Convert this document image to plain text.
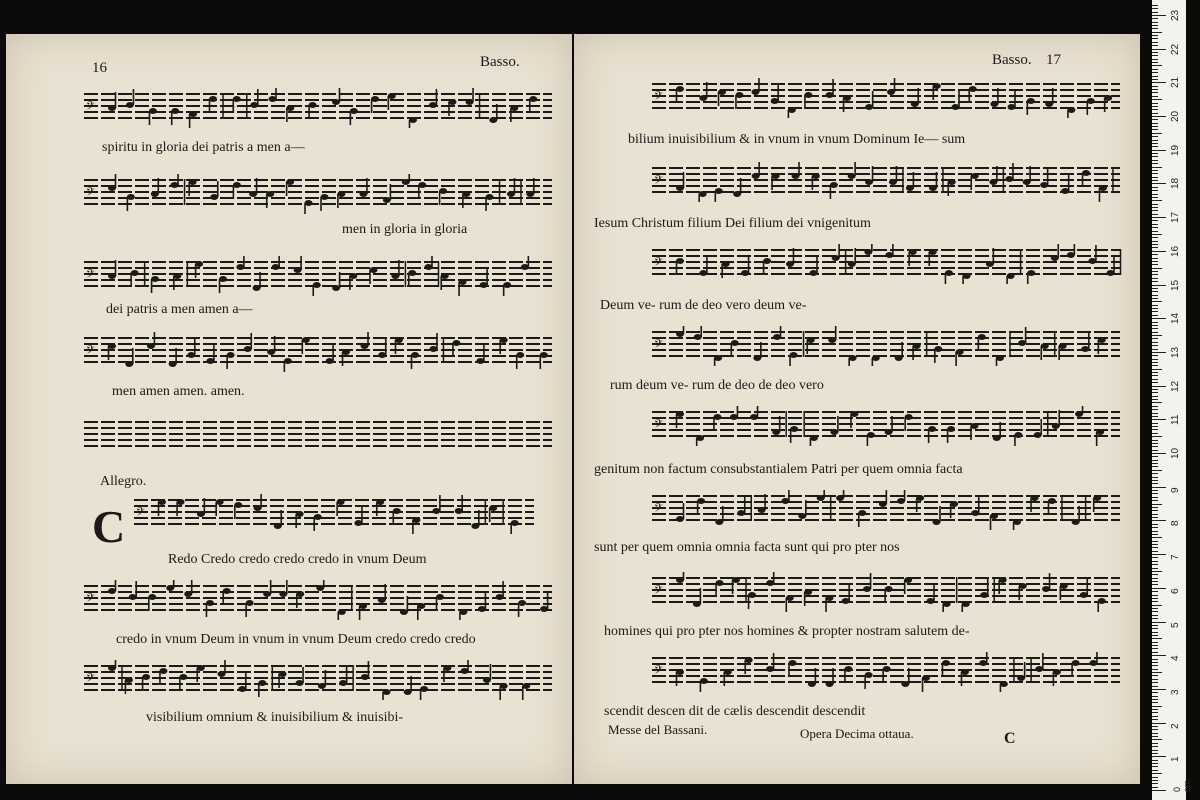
16	Basso.
𝄢
spiritu in gloria dei patris a men a—
𝄢
men in gloria in gloria
𝄢
dei patris a men amen a—
𝄢
men amen amen. amen.
Allegro.
C 𝄢
Redo Credo credo credo credo in vnum Deum
𝄢
credo in vnum Deum in vnum in vnum Deum credo credo credo
𝄢
visibilium omnium & inuisibilium & inuisibi-
Basso. 17
𝄢
bilium inuisibilium & in vnum in vnum Dominum Ie— sum
𝄢
Iesum Christum filium Dei filium dei vnigenitum
𝄢
Deum ve- rum de deo vero deum ve-
𝄢
rum deum ve- rum de deo de deo vero
𝄢
genitum non factum consubstantialem Patri per quem omnia facta
𝄢
sunt per quem omnia omnia facta sunt qui pro pter nos
𝄢
homines qui pro pter nos homines & propter nostram salutem de-
𝄢
scendit descen dit de cælis descendit descendit
Messe del Bassani.	Opera Decima ottaua.	C
0 cm
1
2
3
4
5
6
7
8
9
10
11
12
13
14
15
16
17
18
19
20
21
22
23
